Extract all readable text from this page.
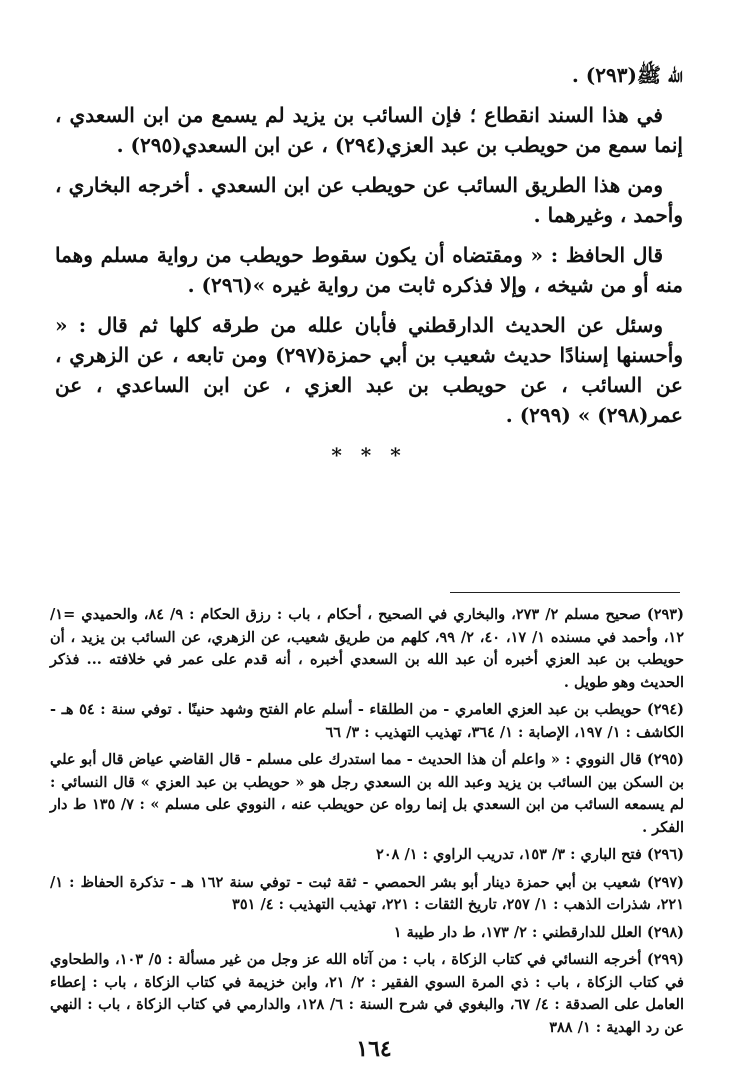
الله ﷺ(٢٩٣) .

في هذا السند انقطاع ؛ فإن السائب بن يزيد لم يسمع من ابن السعدي ، إنما سمع من حويطب بن عبد العزي(٢٩٤) ، عن ابن السعدي(٢٩٥) .

ومن هذا الطريق السائب عن حويطب عن ابن السعدي . أخرجه البخاري ، وأحمد ، وغيرهما .

قال الحافظ : « ومقتضاه أن يكون سقوط حويطب من رواية مسلم وهما منه أو من شيخه ، وإلا فذكره ثابت من رواية غيره »(٢٩٦) .

وسئل عن الحديث الدارقطني فأبان علله من طرقه كلها ثم قال : « وأحسنها إسنادًا حديث شعيب بن أبي حمزة(٢٩٧) ومن تابعه ، عن الزهري ، عن السائب ، عن حويطب بن عبد العزي ، عن ابن الساعدي ، عن عمر(٢٩٨) » (٢٩٩) .

* * *

(٢٩٣) صحيح مسلم ٢/ ٢٧٣، والبخاري في الصحيح ، أحكام ، باب : رزق الحكام : ٩/ ٨٤، والحميدي =١/ ١٢، وأحمد في مسنده ١/ ١٧، ٤٠، ٢/ ٩٩، كلهم من طريق شعيب، عن الزهري، عن السائب بن يزيد ، أن حويطب بن عبد العزي أخبره أن عبد الله بن السعدي أخبره ، أنه قدم على عمر في خلافته ... فذكر الحديث وهو طويل .

(٢٩٤) حويطب بن عبد العزي العامري - من الطلقاء - أسلم عام الفتح وشهد حنينًا . توفي سنة : ٥٤ هـ - الكاشف : ١/ ١٩٧، الإصابة : ١/ ٣٦٤، تهذيب التهذيب : ٣/ ٦٦

(٢٩٥) قال النووي : « واعلم أن هذا الحديث - مما استدرك على مسلم - قال القاضي عياض قال أبو علي بن السكن بين السائب بن يزيد وعبد الله بن السعدي رجل هو « حويطب بن عبد العزي » قال النسائي : لم يسمعه السائب من ابن السعدي بل إنما رواه عن حويطب عنه ، النووي على مسلم » : ٧/ ١٣٥ ط دار الفكر .

(٢٩٦) فتح الباري : ٣/ ١٥٣، تدريب الراوي : ١/ ٢٠٨

(٢٩٧) شعيب بن أبي حمزة دينار أبو بشر الحمصي - ثقة ثبت - توفي سنة ١٦٢ هـ - تذكرة الحفاظ : ١/ ٢٢١، شذرات الذهب : ١/ ٢٥٧، تاريخ الثقات : ٢٢١، تهذيب التهذيب : ٤/ ٣٥١

(٢٩٨) العلل للدارقطني : ٢/ ١٧٣، ط دار طيبة ١

(٢٩٩) أخرجه النسائي في كتاب الزكاة ، باب : من آتاه الله عز وجل من غير مسألة : ٥/ ١٠٣، والطحاوي في كتاب الزكاة ، باب : ذي المرة السوي الفقير : ٢/ ٢١، وابن خزيمة في كتاب الزكاة ، باب : إعطاء العامل على الصدقة : ٤/ ٦٧، والبغوي في شرح السنة : ٦/ ١٢٨، والدارمي في كتاب الزكاة ، باب : النهي عن رد الهدية : ١/ ٣٨٨

١٦٤
